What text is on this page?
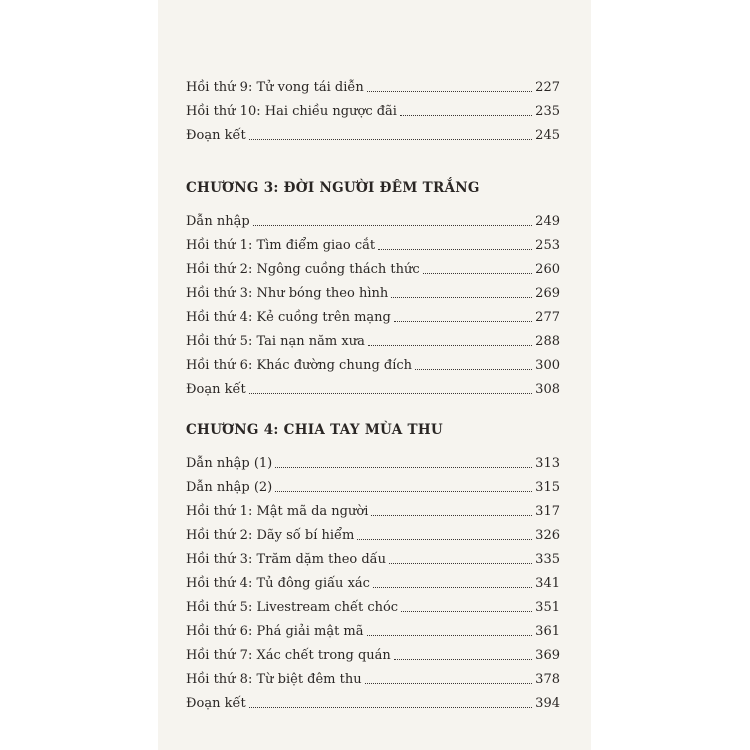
Hồi thứ 9: Tử vong tái diễn	227
Hồi thứ 10: Hai chiều ngược đãi	235
Đoạn kết	245
CHƯƠNG 3: ĐỜI NGƯỜI ĐÊM TRẮNG
Dẫn nhập	249
Hồi thứ 1: Tìm điểm giao cắt	253
Hồi thứ 2: Ngông cuồng thách thức	260
Hồi thứ 3: Như bóng theo hình	269
Hồi thứ 4: Kẻ cuồng trên mạng	277
Hồi thứ 5: Tai nạn năm xưa	288
Hồi thứ 6: Khác đường chung đích	300
Đoạn kết	308
CHƯƠNG 4: CHIA TAY MÙA THU
Dẫn nhập (1)	313
Dẫn nhập (2)	315
Hồi thứ 1: Mật mã da người	317
Hồi thứ 2: Dãy số bí hiểm	326
Hồi thứ 3: Trăm dặm theo dấu	335
Hồi thứ 4: Tủ đông giấu xác	341
Hồi thứ 5: Livestream chết chóc	351
Hồi thứ 6: Phá giải mật mã	361
Hồi thứ 7: Xác chết trong quán	369
Hồi thứ 8: Từ biệt đêm thu	378
Đoạn kết	394
